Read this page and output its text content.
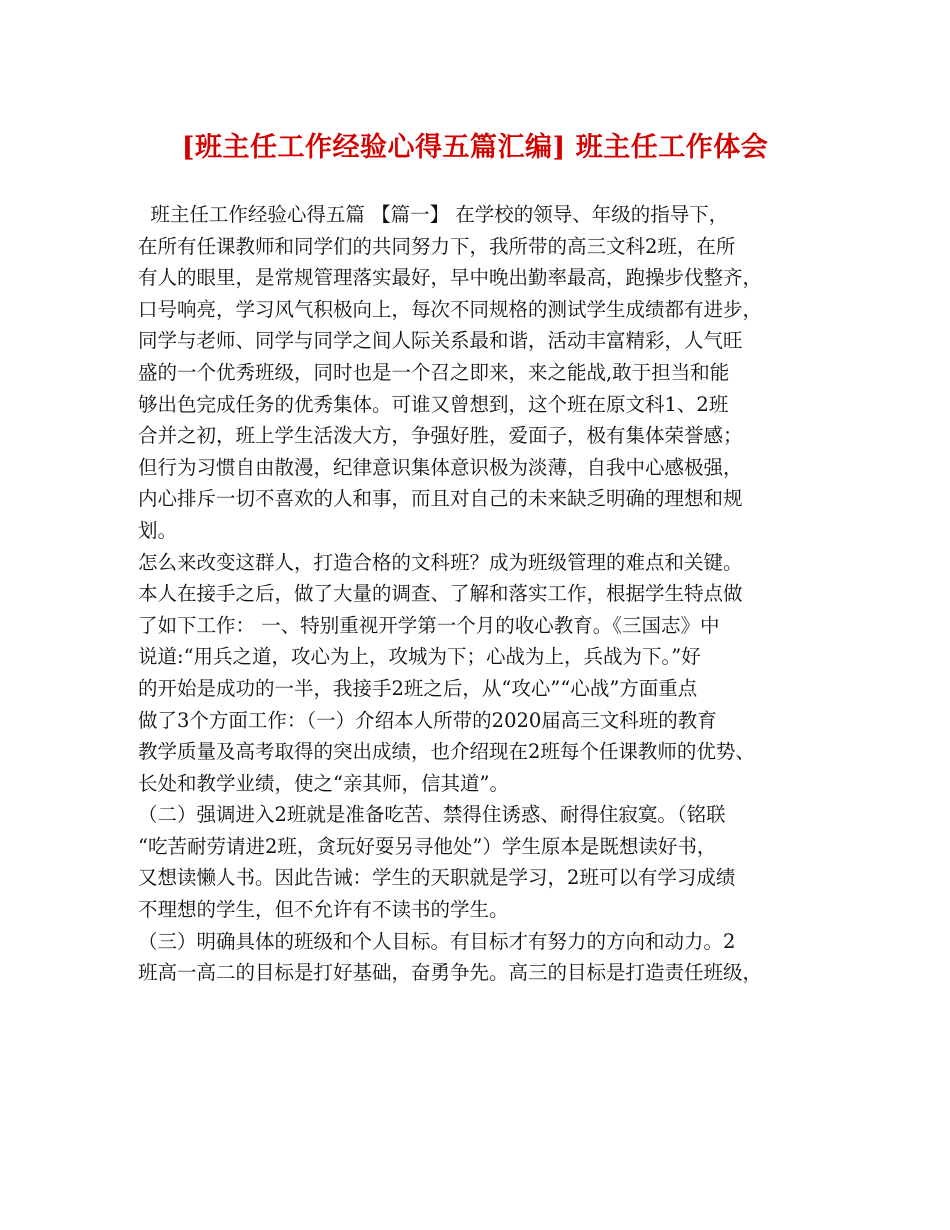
[班主任工作经验心得五篇汇编] 班主任工作体会
班主任工作经验心得五篇 【篇一】 在学校的领导、年级的指导下，
在所有任课教师和同学们的共同努力下，我所带的高三文科2班，在所
有人的眼里，是常规管理落实最好，早中晚出勤率最高，跑操步伐整齐，
口号响亮，学习风气积极向上，每次不同规格的测试学生成绩都有进步，
同学与老师、同学与同学之间人际关系最和谐，活动丰富精彩，人气旺
盛的一个优秀班级，同时也是一个召之即来，来之能战,敢于担当和能
够出色完成任务的优秀集体。可谁又曾想到，这个班在原文科1、2班
合并之初，班上学生活泼大方，争强好胜，爱面子，极有集体荣誉感；
但行为习惯自由散漫，纪律意识集体意识极为淡薄，自我中心感极强，
内心排斥一切不喜欢的人和事，而且对自己的未来缺乏明确的理想和规
划。
怎么来改变这群人，打造合格的文科班？成为班级管理的难点和关键。
本人在接手之后，做了大量的调查、了解和落实工作，根据学生特点做
了如下工作： 一、特别重视开学第一个月的收心教育。《三国志》中
说道:“用兵之道，攻心为上，攻城为下；心战为上，兵战为下。”好
的开始是成功的一半，我接手2班之后，从“攻心”“心战”方面重点
做了3个方面工作：（一）介绍本人所带的2020届高三文科班的教育
教学质量及高考取得的突出成绩，也介绍现在2班每个任课教师的优势、
长处和教学业绩，使之“亲其师，信其道”。
（二）强调进入2班就是准备吃苦、禁得住诱惑、耐得住寂寞。（铭联
“吃苦耐劳请进2班，贪玩好耍另寻他处”）学生原本是既想读好书，
又想读懒人书。因此告诫：学生的天职就是学习，2班可以有学习成绩
不理想的学生，但不允许有不读书的学生。
（三）明确具体的班级和个人目标。有目标才有努力的方向和动力。2
班高一高二的目标是打好基础，奋勇争先。高三的目标是打造责任班级，
